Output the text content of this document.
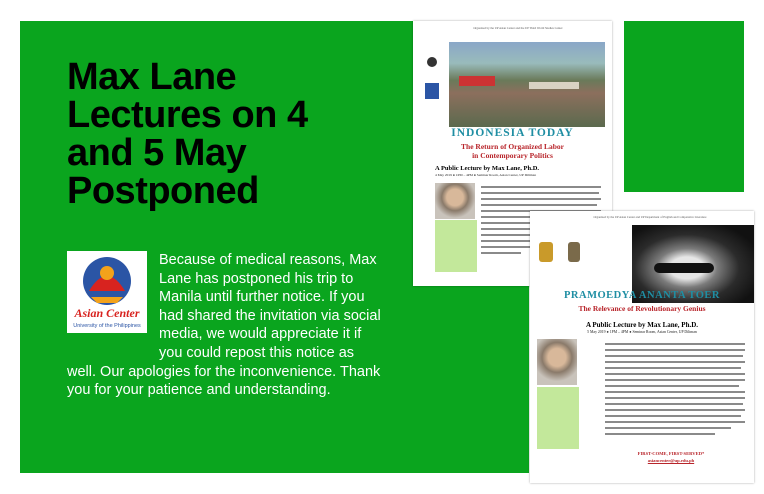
Max Lane Lectures on 4 and 5 May Postponed
Because of medical reasons, Max Lane has postponed his trip to Manila until further notice. If you had shared the invitation via social media, we would appreciate it if you could repost this notice as well. Our apologies for the inconvenience. Thank you for your patience and understanding.
Asian Center
University of the Philippines
Organized by the UP Asian Center and the UP Third World Studies Center
INDONESIA TODAY
The Return of Organized Labor
in Contemporary Politics
A Public Lecture by Max Lane, Ph.D.
4 May 2019 ● 1PM – 4PM ● Seminar Room, Asian Center, UP Diliman
Organized by the UP Asian Center and UP Department of English and Comparative Literature
PRAMOEDYA ANANTA TOER
The Relevance of Revolutionary Genius
A Public Lecture by Max Lane, Ph.D.
5 May 2019 ● 1PM – 4PM ● Seminar Room, Asian Center, UP Diliman
FIRST-COME, FIRST-SERVED*
asiancenter@up.edu.ph
